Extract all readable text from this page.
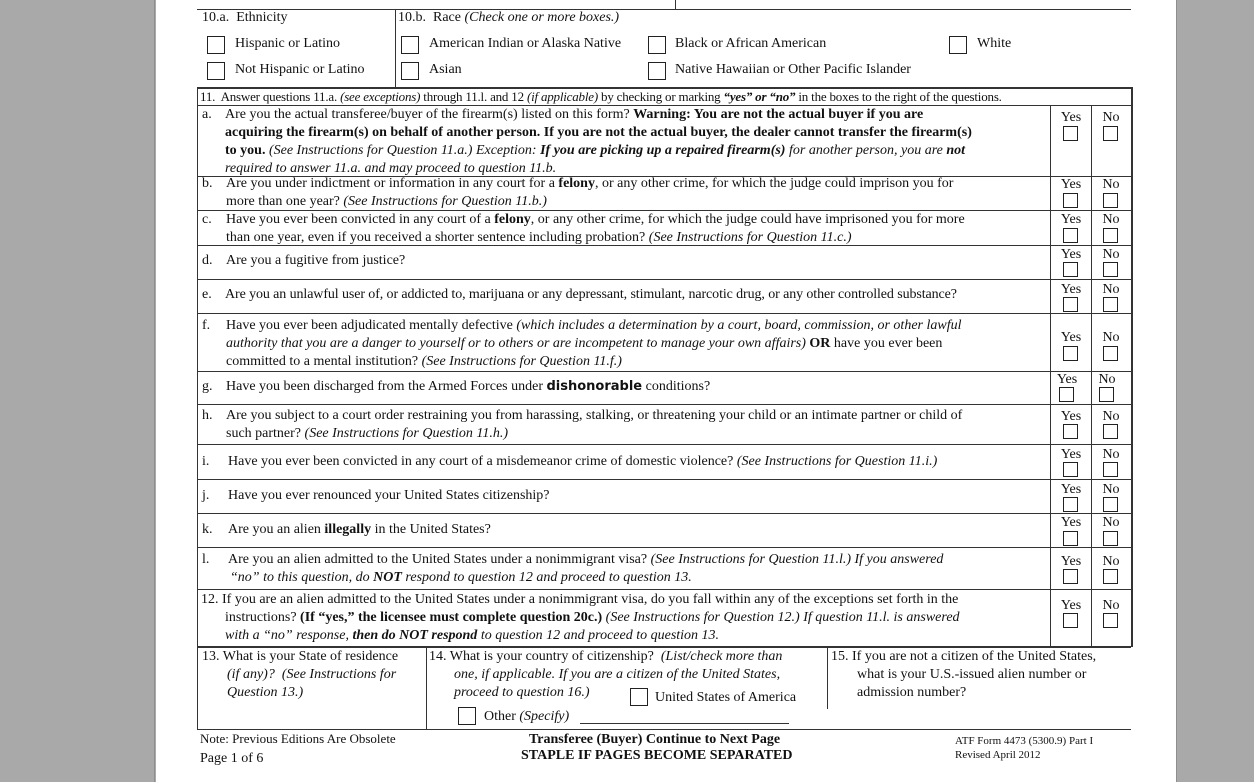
10.a. Ethnicity
Hispanic or Latino
Not Hispanic or Latino
10.b. Race (Check one or more boxes.)
American Indian or Alaska Native	Black or African American	White
Asian	Native Hawaiian or Other Pacific Islander
11. Answer questions 11.a. (see exceptions) through 11.l. and 12 (if applicable) by checking or marking “yes” or “no” in the boxes to the right of the questions.
a. Are you the actual transferee/buyer of the firearm(s) listed on this form? Warning: You are not the actual buyer if you are
acquiring the firearm(s) on behalf of another person. If you are not the actual buyer, the dealer cannot transfer the firearm(s)
to you. (See Instructions for Question 11.a.) Exception: If you are picking up a repaired firearm(s) for another person, you are not
required to answer 11.a. and may proceed to question 11.b.
Yes	No
b. Are you under indictment or information in any court for a felony, or any other crime, for which the judge could imprison you for
more than one year? (See Instructions for Question 11.b.)
Yes	No
c. Have you ever been convicted in any court of a felony, or any other crime, for which the judge could have imprisoned you for more
than one year, even if you received a shorter sentence including probation? (See Instructions for Question 11.c.)
Yes	No
d. Are you a fugitive from justice?	Yes	No
e. Are you an unlawful user of, or addicted to, marijuana or any depressant, stimulant, narcotic drug, or any other controlled substance?	Yes	No
f. Have you ever been adjudicated mentally defective (which includes a determination by a court, board, commission, or other lawful
authority that you are a danger to yourself or to others or are incompetent to manage your own affairs) OR have you ever been
committed to a mental institution? (See Instructions for Question 11.f.)
Yes	No
g. Have you been discharged from the Armed Forces under dishonorable conditions?	Yes	No
h. Are you subject to a court order restraining you from harassing, stalking, or threatening your child or an intimate partner or child of
such partner? (See Instructions for Question 11.h.)
Yes	No
i. Have you ever been convicted in any court of a misdemeanor crime of domestic violence? (See Instructions for Question 11.i.)	Yes	No
j. Have you ever renounced your United States citizenship?	Yes	No
k. Are you an alien illegally in the United States?	Yes	No
l. Are you an alien admitted to the United States under a nonimmigrant visa? (See Instructions for Question 11.l.) If you answered
“no” to this question, do NOT respond to question 12 and proceed to question 13.
Yes	No
12. If you are an alien admitted to the United States under a nonimmigrant visa, do you fall within any of the exceptions set forth in the
instructions? (If “yes,” the licensee must complete question 20c.) (See Instructions for Question 12.) If question 11.l. is answered
with a “no” response, then do NOT respond to question 12 and proceed to question 13.
Yes	No
13. What is your State of residence
(if any)? (See Instructions for
Question 13.)
14. What is your country of citizenship? (List/check more than
one, if applicable. If you are a citizen of the United States,
proceed to question 16.)	United States of America
Other (Specify)
15. If you are not a citizen of the United States,
what is your U.S.-issued alien number or
admission number?
Note: Previous Editions Are Obsolete
Page 1 of 6
Transferee (Buyer) Continue to Next Page
STAPLE IF PAGES BECOME SEPARATED
ATF Form 4473 (5300.9) Part I
Revised April 2012
